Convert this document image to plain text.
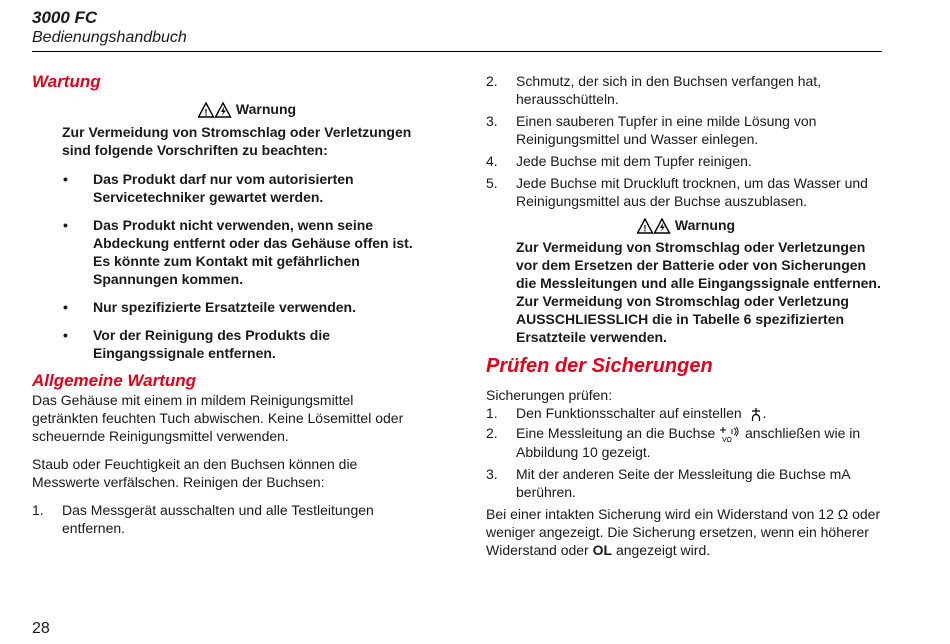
3000 FC
Bedienungshandbuch
Wartung
! Warnung
Zur Vermeidung von Stromschlag oder Verletzungen sind folgende Vorschriften zu beachten:
• Das Produkt darf nur vom autorisierten Servicetechniker gewartet werden.
• Das Produkt nicht verwenden, wenn seine Abdeckung entfernt oder das Gehäuse offen ist. Es könnte zum Kontakt mit gefährlichen Spannungen kommen.
• Nur spezifizierte Ersatzteile verwenden.
• Vor der Reinigung des Produkts die Eingangssignale entfernen.
Allgemeine Wartung
Das Gehäuse mit einem in mildem Reinigungsmittel getränkten feuchten Tuch abwischen. Keine Lösemittel oder scheuernde Reinigungsmittel verwenden.
Staub oder Feuchtigkeit an den Buchsen können die Messwerte verfälschen. Reinigen der Buchsen:
1.	Das Messgerät ausschalten und alle Testleitungen entfernen.
2.	Schmutz, der sich in den Buchsen verfangen hat, herausschütteln.
3.	Einen sauberen Tupfer in eine milde Lösung von Reinigungsmittel und Wasser einlegen.
4.	Jede Buchse mit dem Tupfer reinigen.
5.	Jede Buchse mit Druckluft trocknen, um das Wasser und Reinigungsmittel aus der Buchse auszublasen.
! Warnung
Zur Vermeidung von Stromschlag oder Verletzungen vor dem Ersetzen der Batterie oder von Sicherungen die Messleitungen und alle Eingangssignale entfernen. Zur Vermeidung von Stromschlag oder Verletzung AUSSCHLIESSLICH die in Tabelle 6 spezifizierten Ersatzteile verwenden.
Prüfen der Sicherungen
Sicherungen prüfen:
1.	Den Funktionsschalter auf einstellen .
2.	Eine Messleitung an die Buchse VΩ anschließen wie in Abbildung 10 gezeigt.
3.	Mit der anderen Seite der Messleitung die Buchse mA berühren.
Bei einer intakten Sicherung wird ein Widerstand von 12 Ω oder weniger angezeigt. Die Sicherung ersetzen, wenn ein höherer Widerstand oder OL angezeigt wird.
28
